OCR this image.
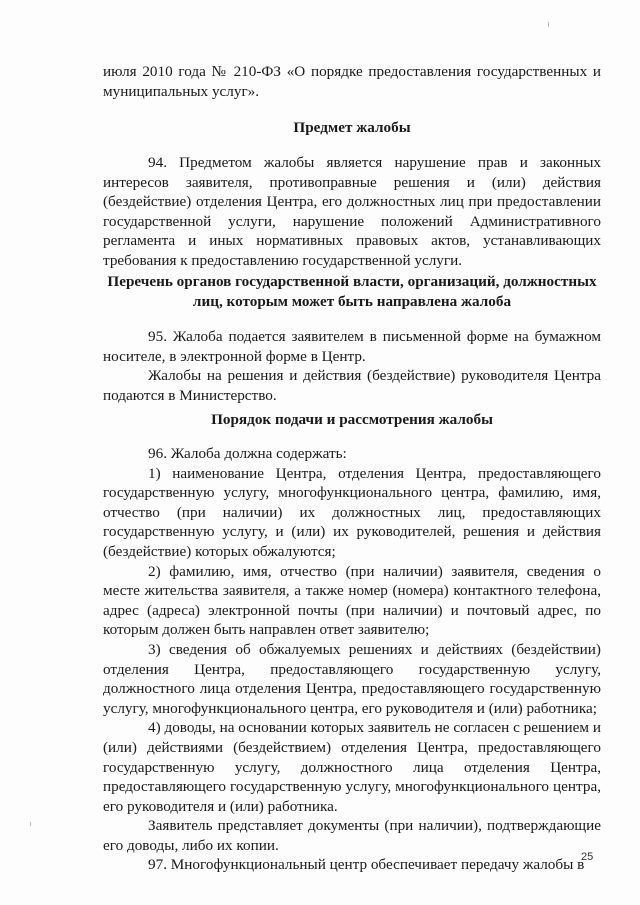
июля 2010 года № 210-ФЗ «О порядке предоставления государственных и муниципальных услуг».

Предмет жалобы

94. Предметом жалобы является нарушение прав и законных интересов заявителя, противоправные решения и (или) действия (бездействие) отделения Центра, его должностных лиц при предоставлении государственной услуги, нарушение положений Административного регламента и иных нормативных правовых актов, устанавливающих требования к предоставлению государственной услуги.

Перечень органов государственной власти, организаций, должностных лиц, которым может быть направлена жалоба

95. Жалоба подается заявителем в письменной форме на бумажном носителе, в электронной форме в Центр.

Жалобы на решения и действия (бездействие) руководителя Центра подаются в Министерство.

Порядок подачи и рассмотрения жалобы

96. Жалоба должна содержать:

1) наименование Центра, отделения Центра, предоставляющего государственную услугу, многофункционального центра, фамилию, имя, отчество (при наличии) их должностных лиц, предоставляющих государственную услугу, и (или) их руководителей, решения и действия (бездействие) которых обжалуются;

2) фамилию, имя, отчество (при наличии) заявителя, сведения о месте жительства заявителя, а также номер (номера) контактного телефона, адрес (адреса) электронной почты (при наличии) и почтовый адрес, по которым должен быть направлен ответ заявителю;

3) сведения об обжалуемых решениях и действиях (бездействии) отделения Центра, предоставляющего государственную услугу, должностного лица отделения Центра, предоставляющего государственную услугу, многофункционального центра, его руководителя и (или) работника;

4) доводы, на основании которых заявитель не согласен с решением и (или) действиями (бездействием) отделения Центра, предоставляющего государственную услугу, должностного лица отделения Центра, предоставляющего государственную услугу, многофункционального центра, его руководителя и (или) работника.

Заявитель представляет документы (при наличии), подтверждающие его доводы, либо их копии.

97. Многофункциональный центр обеспечивает передачу жалобы в

25
